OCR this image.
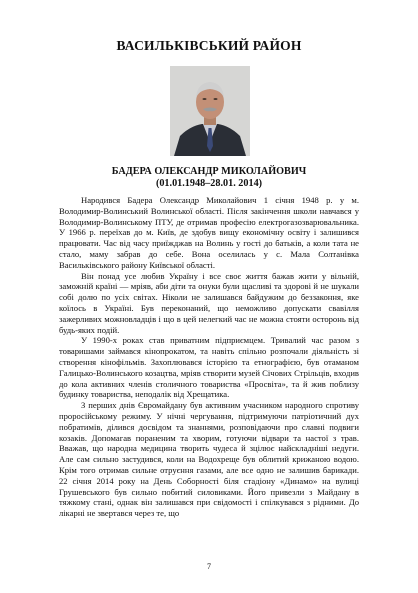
ВАСИЛЬКІВСЬКИЙ РАЙОН
БАДЕРА ОЛЕКСАНДР МИКОЛАЙОВИЧ
(01.01.1948–28.01. 2014)

Народився Бадера Олександр Миколайович 1 січня 1948 р. у м. Володимир-Волинський Волинської області. Після закінчення школи навчався у Володимир-Волинському ПТУ, де отримав професію електрогазозварювальника. У 1966 р. переїхав до м. Київ, де здобув вищу економічну освіту і залишився працювати. Час від часу приїжджав на Волинь у гості до батьків, а коли тата не стало, маму забрав до себе. Вона оселилась у с. Мала Солтанівка Васильківського району Київської області.

Він понад усе любив Україну і все своє життя бажав жити у вільній, заможній країні — мріяв, аби діти та онуки були щасливі та здорові й не шукали собі долю по усіх світах. Ніколи не залишався байдужим до беззаконня, яке коїлось в Україні. Був переконаний, що неможливо допускати свавілля зажерливих можновладців і що в цей нелегкий час не можна стояти осторонь від будь-яких подій.

У 1990-х роках став приватним підприємцем. Тривалий час разом з товаришами займався кінопрокатом, та навіть спільно розпочали діяльність зі створення кінофільмів. Захоплювався історією та етнографією, був отаманом Галицько-Волинського козацтва, мріяв створити музей Січових Стрільців, входив до кола активних членів столичного товариства «Просвіта», та й жив поблизу будинку товариства, неподалік від Хрещатика.

З перших днів Євромайдану був активним учасником народного спротиву проросійському режиму. У нічні чергування, підтримуючи патріотичний дух побратимів, ділився досвідом та знаннями, розповідаючи про славні подвиги козаків. Допомагав пораненим та хворим, готуючи відвари та настої з трав. Вважав, що народна медицина творить чудеса й зцілює найскладніші недуги. Але сам сильно застудився, коли на Водохреще був облитий крижаною водою. Крім того отримав сильне отруєння газами, але все одно не залишив барикади. 22 січня 2014 року на День Соборності біля стадіону «Динамо» на вулиці Грушевського був сильно побитий силовиками. Його привезли з Майдану в тяжкому стані, однак він залишався при свідомості і спілкувався з рідними. До лікарні не звертався через те, що

7
